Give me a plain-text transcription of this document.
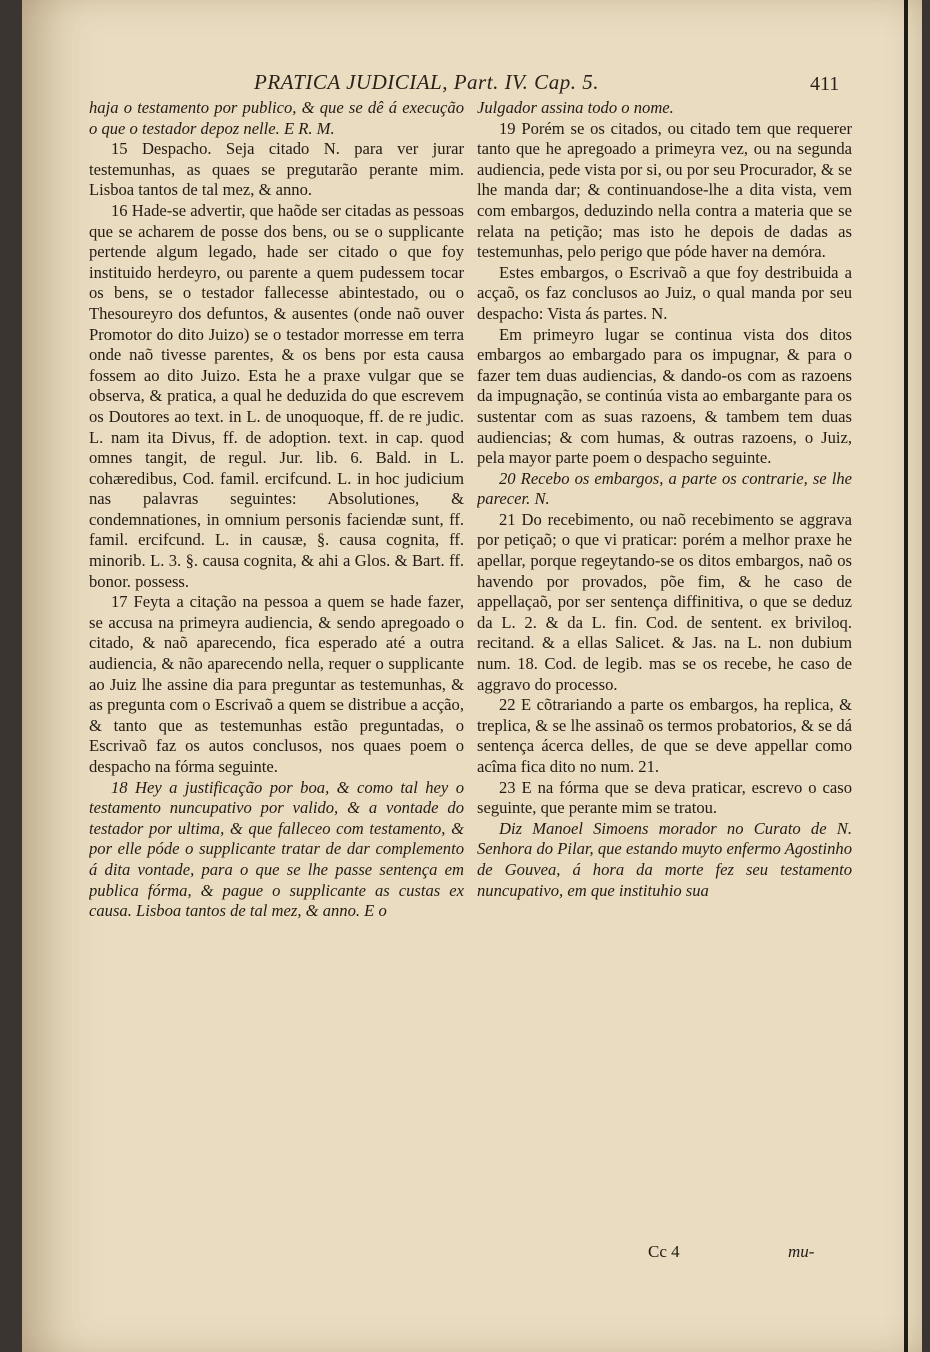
PRATICA JUDICIAL, Part. IV. Cap. 5.	411

haja o testamento por publico, & que se dê á execução o que o testador depoz nelle. E R. M.

15 Despacho. Seja citado N. para ver jurar testemunhas, as quaes se pregutarão perante mim. Lisboa tantos de tal mez, & anno.

16 Hade-se advertir, que haõde ser citadas as pessoas que se acharem de posse dos bens, ou se o supplicante pertende algum legado, hade ser citado o que foy instituido herdeyro, ou parente a quem pudessem tocar os bens, se o testador fallecesse abintestado, ou o Thesoureyro dos defuntos, & ausentes (onde naõ ouver Promotor do dito Juizo) se o testador morresse em terra onde naõ tivesse parentes, & os bens por esta causa fossem ao dito Juizo. Esta he a praxe vulgar que se observa, & pratica, a qual he deduzida do que escrevem os Doutores ao text. in L. de unoquoque, ff. de re judic. L. nam ita Divus, ff. de adoption. text. in cap. quod omnes tangit, de regul. Jur. lib. 6. Bald. in L. cohæredibus, Cod. famil. ercifcund. L. in hoc judicium nas palavras seguintes: Absolutiones, & condemnationes, in omnium personis faciendæ sunt, ff. famil. ercifcund. L. in causæ, §. causa cognita, ff. minorib. L. 3. §. causa cognita, & ahi a Glos. & Bart. ff. bonor. possess.

17 Feyta a citação na pessoa a quem se hade fazer, se accusa na primeyra audiencia, & sendo apregoado o citado, & naõ aparecendo, fica esperado até a outra audiencia, & não aparecendo nella, requer o supplicante ao Juiz lhe assine dia para preguntar as testemunhas, & as pregunta com o Escrivaõ a quem se distribue a acção, & tanto que as testemunhas estão preguntadas, o Escrivaõ faz os autos conclusos, nos quaes poem o despacho na fórma seguinte.

18 Hey a justificação por boa, & como tal hey o testamento nuncupativo por valido, & a vontade do testador por ultima, & que falleceo com testamento, & por elle póde o supplicante tratar de dar complemento á dita vontade, para o que se lhe passe sentença em publica fórma, & pague o supplicante as custas ex causa. Lisboa tantos de tal mez, & anno. E o

Julgador assina todo o nome.

19 Porém se os citados, ou citado tem que requerer tanto que he apregoado a primeyra vez, ou na segunda audiencia, pede vista por si, ou por seu Procurador, & se lhe manda dar; & continuandose-lhe a dita vista, vem com embargos, deduzindo nella contra a materia que se relata na petição; mas isto he depois de dadas as testemunhas, pelo perigo que póde haver na demóra.

Estes embargos, o Escrivaõ a que foy destribuida a acçaõ, os faz conclusos ao Juiz, o qual manda por seu despacho: Vista ás partes. N.

Em primeyro lugar se continua vista dos ditos embargos ao embargado para os impugnar, & para o fazer tem duas audiencias, & dando-os com as razoens da impugnação, se continúa vista ao embargante para os sustentar com as suas razoens, & tambem tem duas audiencias; & com humas, & outras razoens, o Juiz, pela mayor parte poem o despacho seguinte.

20 Recebo os embargos, a parte os contrarie, se lhe parecer. N.

21 Do recebimento, ou naõ recebimento se aggrava por petiçaõ; o que vi praticar: porém a melhor praxe he apellar, porque regeytando-se os ditos embargos, naõ os havendo por provados, põe fim, & he caso de appellaçaõ, por ser sentença diffinitiva, o que se deduz da L. 2. & da L. fin. Cod. de sentent. ex briviloq. recitand. & a ellas Salicet. & Jas. na L. non dubium num. 18. Cod. de legib. mas se os recebe, he caso de aggravo do processo.

22 E cõtrariando a parte os embargos, ha replica, & treplica, & se lhe assinaõ os termos probatorios, & se dá sentença ácerca delles, de que se deve appellar como acîma fica dito no num. 21.

23 E na fórma que se deva praticar, escrevo o caso seguinte, que perante mim se tratou.

Diz Manoel Simoens morador no Curato de N. Senhora do Pilar, que estando muyto enfermo Agostinho de Gouvea, á hora da morte fez seu testamento nuncupativo, em que instituhio sua

Cc 4	mu-
